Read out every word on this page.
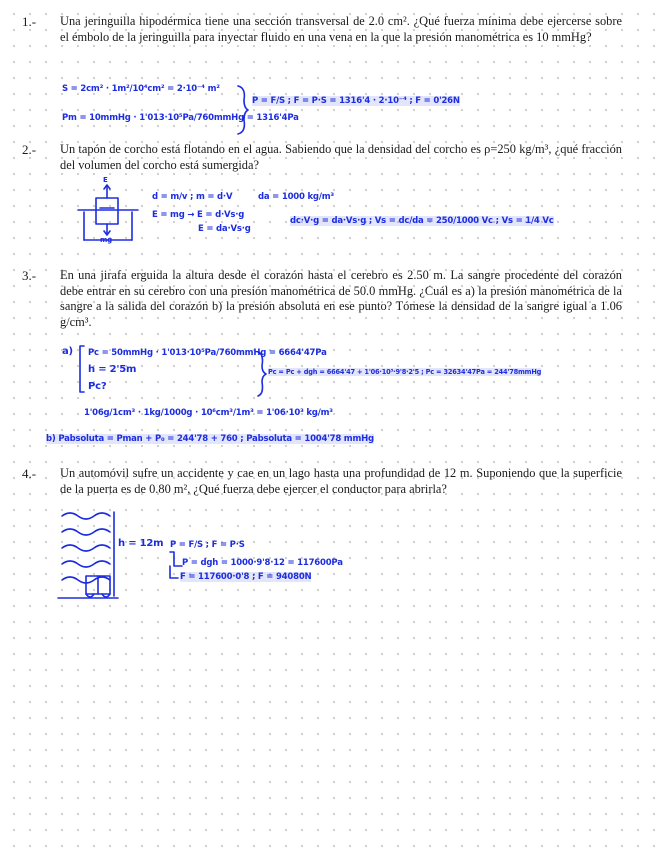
1.- Una jeringuilla hipodérmica tiene una sección transversal de 2.0 cm². ¿Qué fuerza mínima debe ejercerse sobre el émbolo de la jeringuilla para inyectar fluido en una vena en la que la presión manométrica es 10 mmHg?
S = 2cm² · 1m²/10⁴cm² = 2·10⁻⁴ m²
Pm = 10mmHg · 1'013·10⁵Pa/760mmHg = 1316'4Pa
P = F/S ; F = P·S = 1316'4 · 2·10⁻⁴ ; F = 0'26N
2.- Un tapón de corcho está flotando en el agua. Sabiendo que la densidad del corcho es ρ=250 kg/m³, ¿qué fracción del volumen del corcho está sumergida?
E
mg
d = m/v ; m = d·V	da = 1000 kg/m³
E = mg → E = d·Vs·g
E = da·Vs·g
dc·V·g = da·Vs·g ; Vs = dc/da = 250/1000 Vc ; Vs = 1/4 Vc
3.- En una jirafa erguida la altura desde el corazón hasta el cerebro es 2.50 m. La sangre procedente del corazón debe entrar en su cerebro con una presión manométrica de 50.0 mmHg. ¿Cuál es a) la presión manométrica de la sangre a la salida del corazón b) la presión absoluta en ese punto? Tómese la densidad de la sangre igual a 1.06 g/cm³.
a) Pc = 50mmHg · 1'013·10⁵Pa/760mmHg = 6664'47Pa
h = 2'5m
Pc?
Pc = Pc + dgh = 6664'47 + 1'06·10³·9'8·2'5 ; Pc = 32634'47Pa = 244'78mmHg
1'06g/1cm³ · 1kg/1000g · 10⁶cm³/1m³ = 1'06·10³ kg/m³
b) Pabsoluta = Pman + P₀ = 244'78 + 760 ; Pabsoluta = 1004'78 mmHg
4.- Un automóvil sufre un accidente y cae en un lago hasta una profundidad de 12 m. Suponiendo que la superficie de la puerta es de 0.80 m², ¿Qué fuerza debe ejercer el conductor para abrirla?
h = 12m P = F/S ; F = P·S
P = dgh = 1000·9'8·12 = 117600Pa
F = 117600·0'8 ; F = 94080N
